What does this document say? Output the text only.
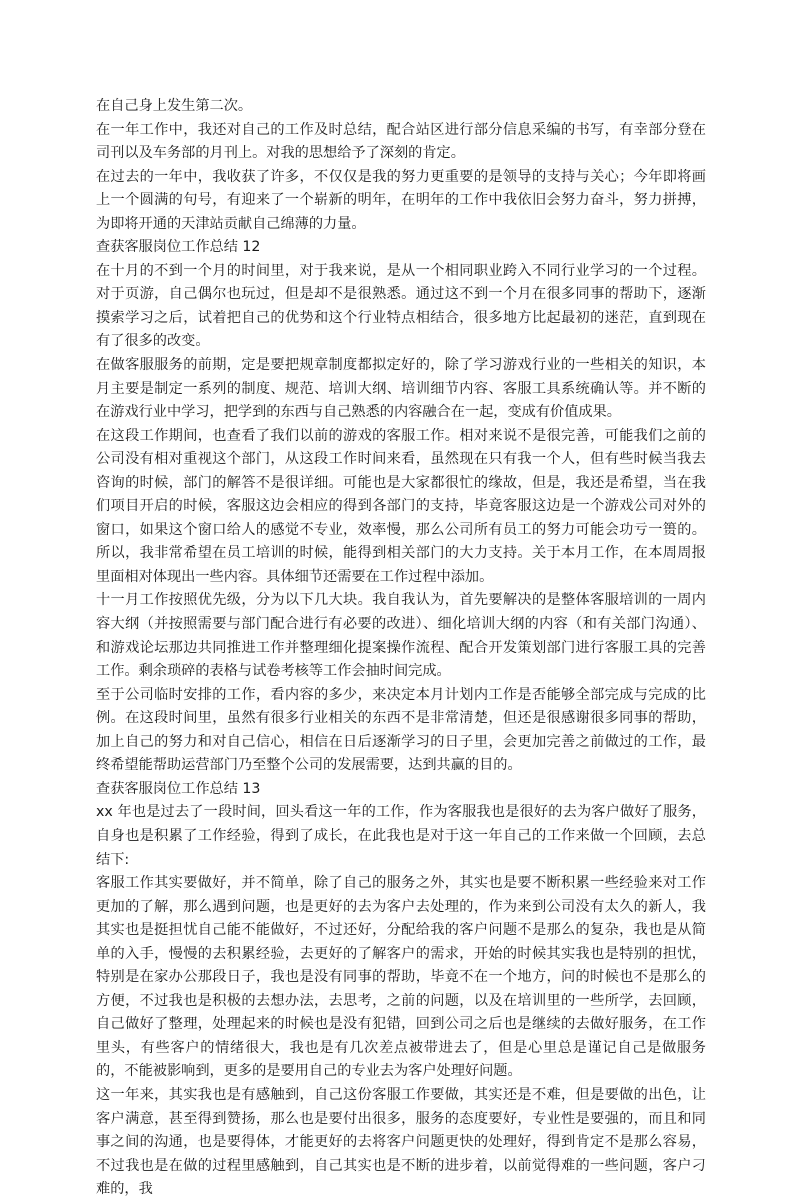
在自己身上发生第二次。

在一年工作中，我还对自己的工作及时总结，配合站区进行部分信息采编的书写，有幸部分登在司刊以及车务部的月刊上。对我的思想给予了深刻的肯定。

在过去的一年中，我收获了许多，不仅仅是我的努力更重要的是领导的支持与关心；今年即将画上一个圆满的句号，有迎来了一个崭新的明年，在明年的工作中我依旧会努力奋斗，努力拼搏，为即将开通的天津站贡献自己绵薄的力量。

查获客服岗位工作总结 12

在十月的不到一个月的时间里，对于我来说，是从一个相同职业跨入不同行业学习的一个过程。对于页游，自己偶尔也玩过，但是却不是很熟悉。通过这不到一个月在很多同事的帮助下，逐渐摸索学习之后，试着把自己的优势和这个行业特点相结合，很多地方比起最初的迷茫，直到现在有了很多的改变。

在做客服服务的前期，定是要把规章制度都拟定好的，除了学习游戏行业的一些相关的知识，本月主要是制定一系列的制度、规范、培训大纲、培训细节内容、客服工具系统确认等。并不断的在游戏行业中学习，把学到的东西与自己熟悉的内容融合在一起，变成有价值成果。

在这段工作期间，也查看了我们以前的游戏的客服工作。相对来说不是很完善，可能我们之前的公司没有相对重视这个部门，从这段工作时间来看，虽然现在只有我一个人，但有些时候当我去咨询的时候，部门的解答不是很详细。可能也是大家都很忙的缘故，但是，我还是希望，当在我们项目开启的时候，客服这边会相应的得到各部门的支持，毕竟客服这边是一个游戏公司对外的窗口，如果这个窗口给人的感觉不专业，效率慢，那么公司所有员工的努力可能会功亏一篑的。所以，我非常希望在员工培训的时候，能得到相关部门的大力支持。关于本月工作，在本周周报里面相对体现出一些内容。具体细节还需要在工作过程中添加。

十一月工作按照优先级，分为以下几大块。我自我认为，首先要解决的是整体客服培训的一周内容大纲（并按照需要与部门配合进行有必要的改进）、细化培训大纲的内容（和有关部门沟通）、和游戏论坛那边共同推进工作并整理细化提案操作流程、配合开发策划部门进行客服工具的完善工作。剩余琐碎的表格与试卷考核等工作会抽时间完成。

至于公司临时安排的工作，看内容的多少，来决定本月计划内工作是否能够全部完成与完成的比例。在这段时间里，虽然有很多行业相关的东西不是非常清楚，但还是很感谢很多同事的帮助，加上自己的努力和对自己信心，相信在日后逐渐学习的日子里，会更加完善之前做过的工作，最终希望能帮助运营部门乃至整个公司的发展需要，达到共赢的目的。

查获客服岗位工作总结 13

xx 年也是过去了一段时间，回头看这一年的工作，作为客服我也是很好的去为客户做好了服务，自身也是积累了工作经验，得到了成长，在此我也是对于这一年自己的工作来做一个回顾，去总结下:

客服工作其实要做好，并不简单，除了自己的服务之外，其实也是要不断积累一些经验来对工作更加的了解，那么遇到问题，也是更好的去为客户去处理的，作为来到公司没有太久的新人，我其实也是挺担忧自己能不能做好，不过还好，分配给我的客户问题不是那么的复杂，我也是从简单的入手，慢慢的去积累经验，去更好的了解客户的需求，开始的时候其实我也是特别的担忧，特别是在家办公那段日子，我也是没有同事的帮助，毕竟不在一个地方，问的时候也不是那么的方便，不过我也是积极的去想办法，去思考，之前的问题，以及在培训里的一些所学，去回顾，自己做好了整理，处理起来的时候也是没有犯错，回到公司之后也是继续的去做好服务，在工作里头，有些客户的情绪很大，我也是有几次差点被带进去了，但是心里总是谨记自己是做服务的，不能被影响到，更多的是要用自己的专业去为客户处理好问题。

这一年来，其实我也是有感触到，自己这份客服工作要做，其实还是不难，但是要做的出色，让客户满意，甚至得到赞扬，那么也是要付出很多，服务的态度要好，专业性是要强的，而且和同事之间的沟通，也是要得体，才能更好的去将客户问题更快的处理好，得到肯定不是那么容易，不过我也是在做的过程里感触到，自己其实也是不断的进步着，以前觉得难的一些问题，客户刁难的，我
